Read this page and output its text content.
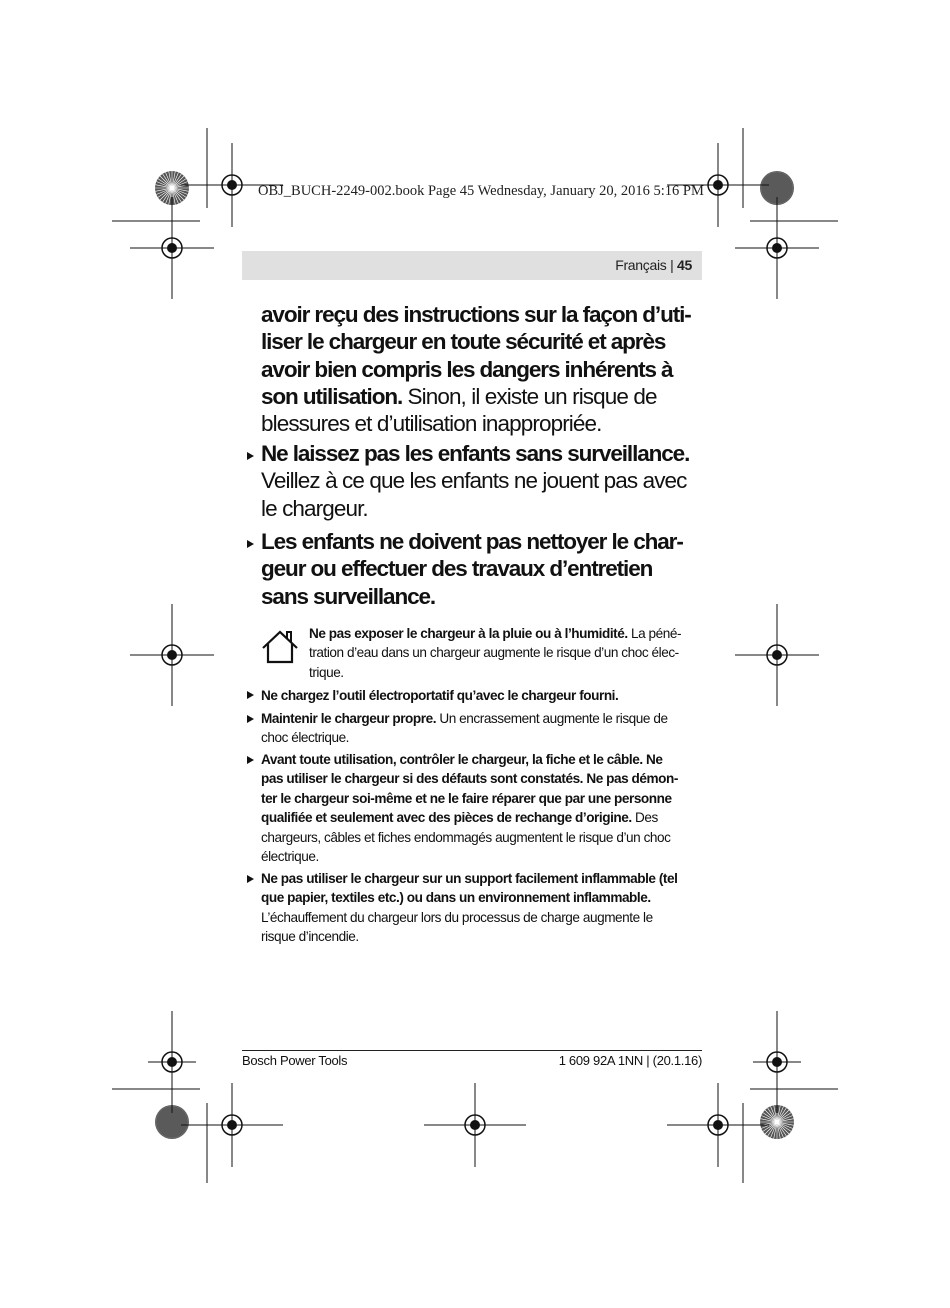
OBJ_BUCH-2249-002.book Page 45 Wednesday, January 20, 2016 5:16 PM
Français | 45
avoir reçu des instructions sur la façon d’uti-
liser le chargeur en toute sécurité et après
avoir bien compris les dangers inhérents à
son utilisation. Sinon, il existe un risque de
blessures et d’utilisation inappropriée.
Ne laissez pas les enfants sans surveillance.
Veillez à ce que les enfants ne jouent pas avec
le chargeur.
Les enfants ne doivent pas nettoyer le char-
geur ou effectuer des travaux d’entretien
sans surveillance.
Ne pas exposer le chargeur à la pluie ou à l’humidité. La péné-
tration d’eau dans un chargeur augmente le risque d’un choc élec-
trique.
Ne chargez l’outil électroportatif qu’avec le chargeur fourni.
Maintenir le chargeur propre. Un encrassement augmente le risque de
choc électrique.
Avant toute utilisation, contrôler le chargeur, la fiche et le câble. Ne
pas utiliser le chargeur si des défauts sont constatés. Ne pas démon-
ter le chargeur soi-même et ne le faire réparer que par une personne
qualifiée et seulement avec des pièces de rechange d’origine. Des
chargeurs, câbles et fiches endommagés augmentent le risque d’un choc
électrique.
Ne pas utiliser le chargeur sur un support facilement inflammable (tel
que papier, textiles etc.) ou dans un environnement inflammable.
L’échauffement du chargeur lors du processus de charge augmente le
risque d’incendie.
Bosch Power Tools	1 609 92A 1NN | (20.1.16)
